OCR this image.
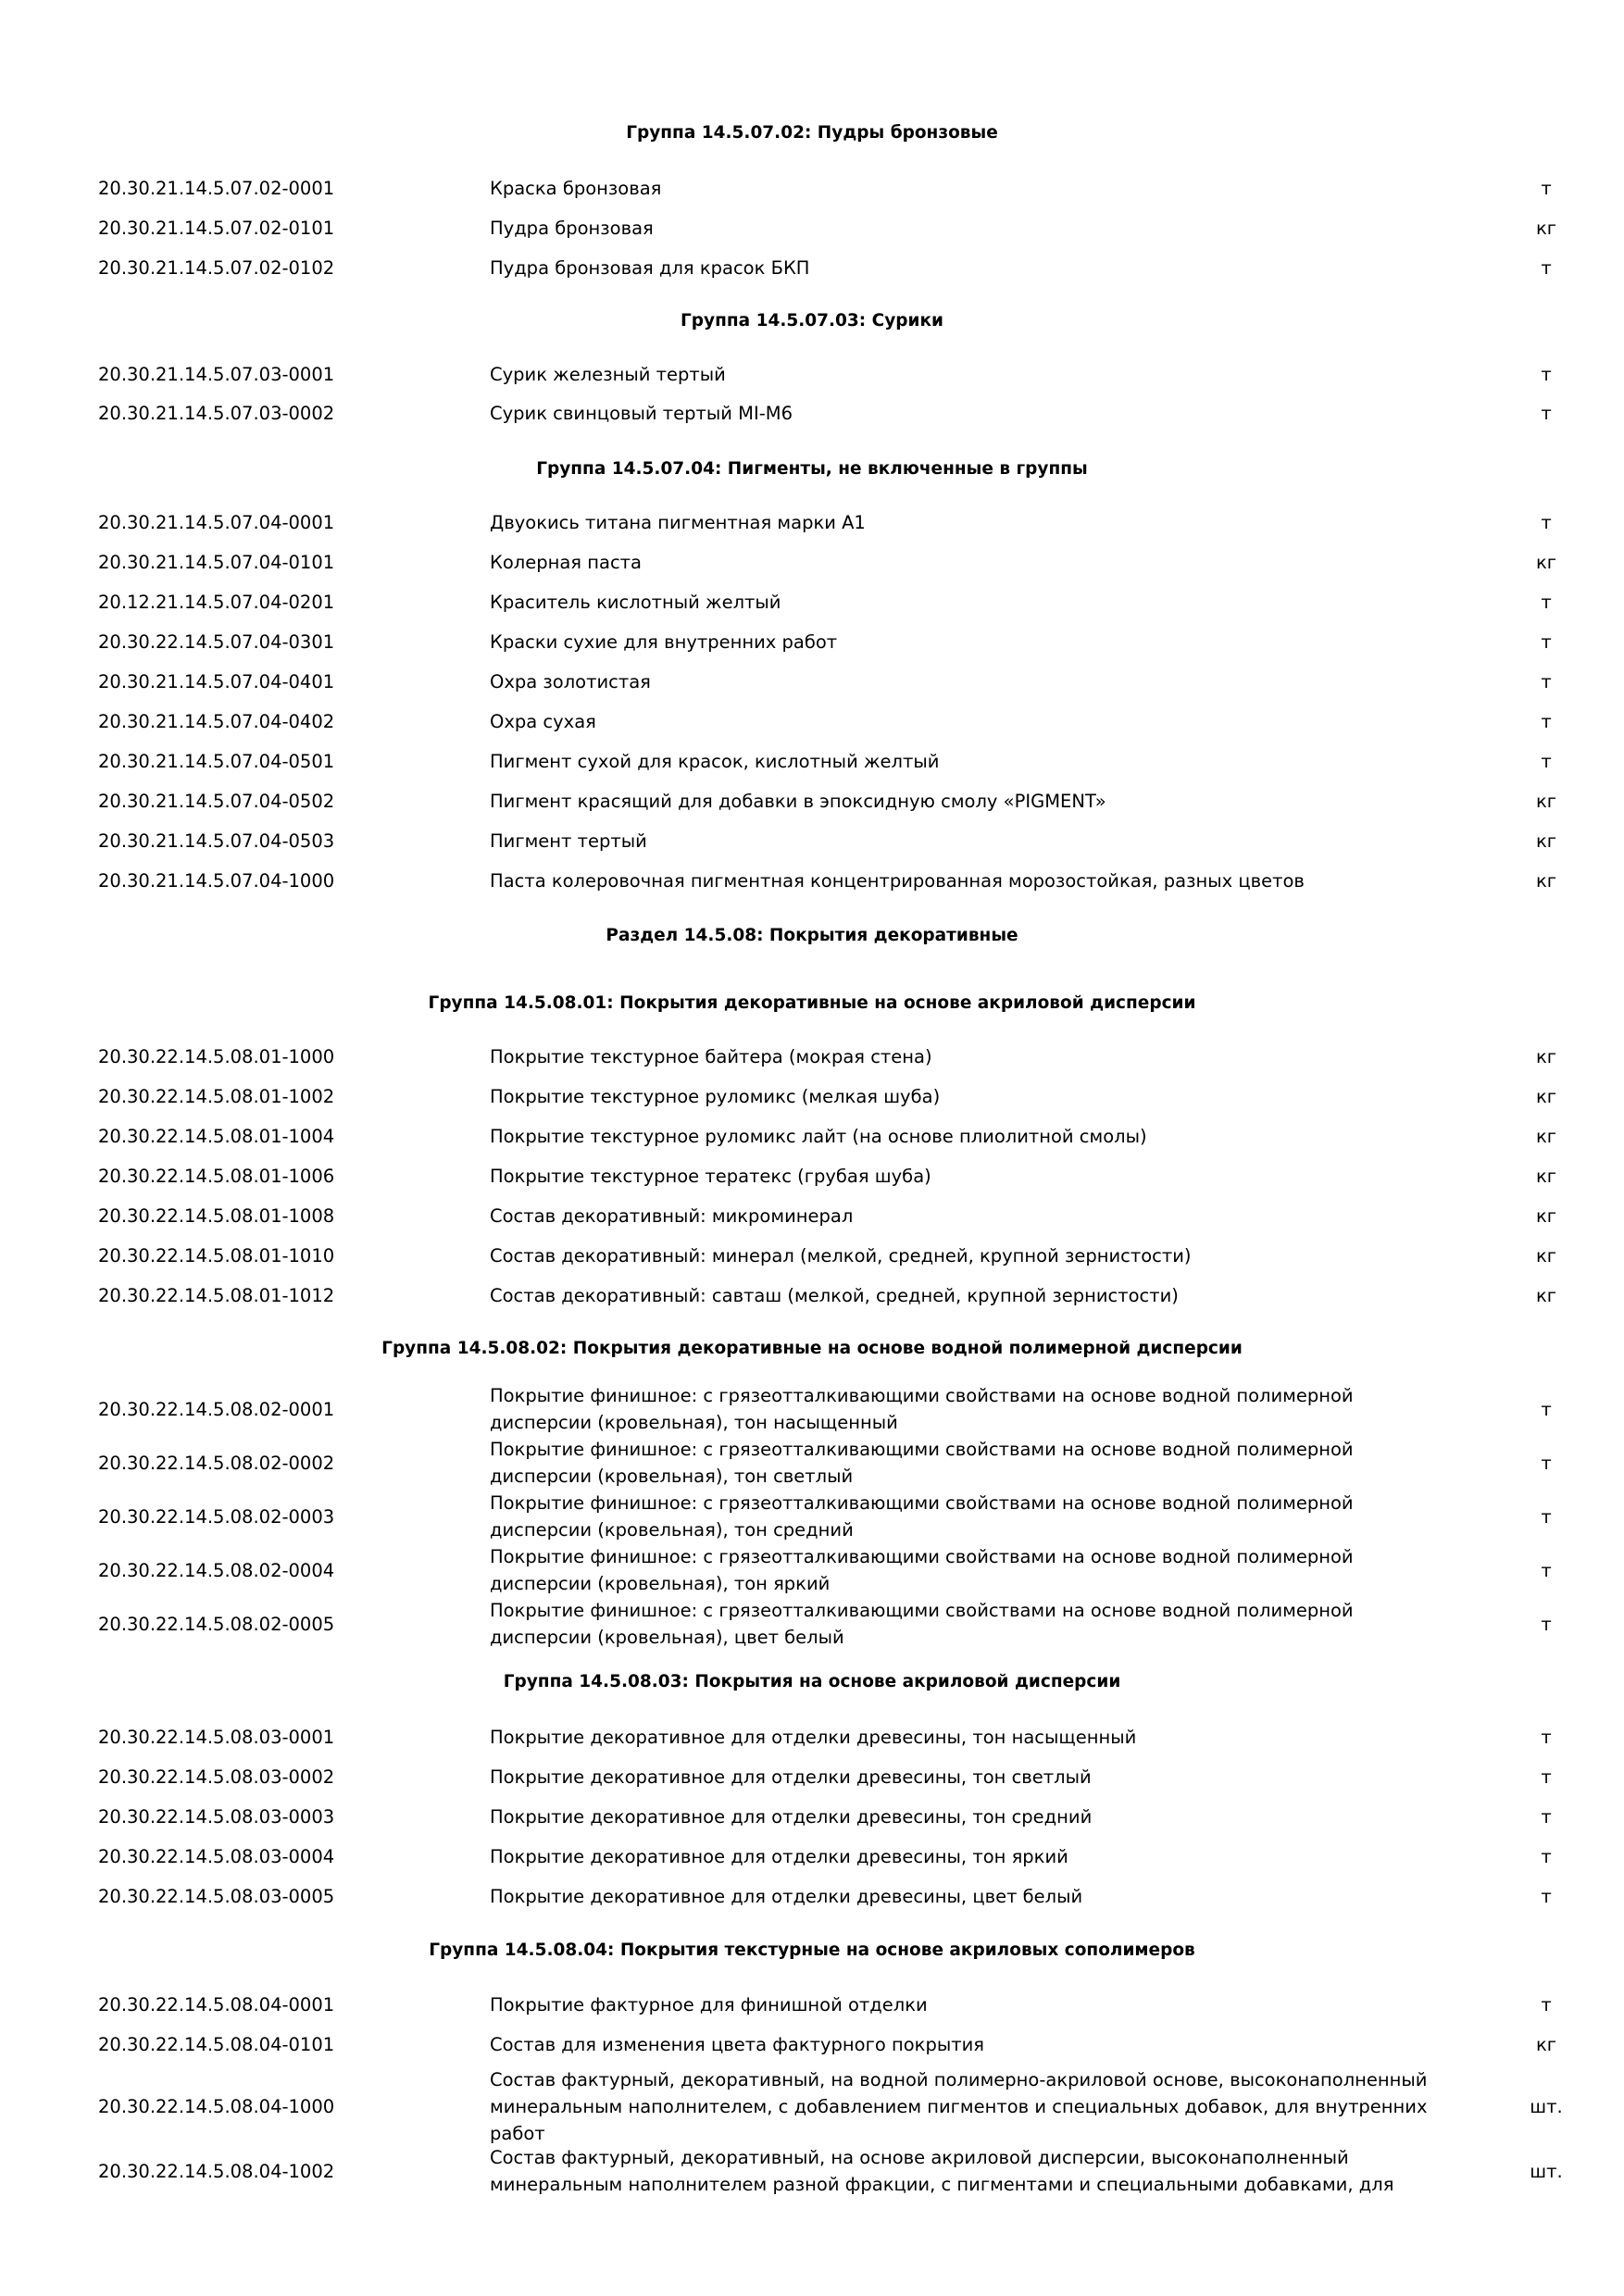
Группа 14.5.07.02: Пудры бронзовые
20.30.21.14.5.07.02-0001	Краска бронзовая	т
20.30.21.14.5.07.02-0101	Пудра бронзовая	кг
20.30.21.14.5.07.02-0102	Пудра бронзовая для красок БКП	т
Группа 14.5.07.03: Сурики
20.30.21.14.5.07.03-0001	Сурик железный тертый	т
20.30.21.14.5.07.03-0002	Сурик свинцовый тертый MI-M6	т
Группа 14.5.07.04: Пигменты, не включенные в группы
20.30.21.14.5.07.04-0001	Двуокись титана пигментная марки А1	т
20.30.21.14.5.07.04-0101	Колерная паста	кг
20.12.21.14.5.07.04-0201	Краситель кислотный желтый	т
20.30.22.14.5.07.04-0301	Краски сухие для внутренних работ	т
20.30.21.14.5.07.04-0401	Охра золотистая	т
20.30.21.14.5.07.04-0402	Охра сухая	т
20.30.21.14.5.07.04-0501	Пигмент сухой для красок, кислотный желтый	т
20.30.21.14.5.07.04-0502	Пигмент красящий для добавки в эпоксидную смолу «PIGMENT»	кг
20.30.21.14.5.07.04-0503	Пигмент тертый	кг
20.30.21.14.5.07.04-1000	Паста колеровочная пигментная концентрированная морозостойкая, разных цветов	кг
Раздел 14.5.08: Покрытия декоративные
Группа 14.5.08.01: Покрытия декоративные на основе акриловой дисперсии
20.30.22.14.5.08.01-1000	Покрытие текстурное байтера (мокрая стена)	кг
20.30.22.14.5.08.01-1002	Покрытие текстурное руломикс (мелкая шуба)	кг
20.30.22.14.5.08.01-1004	Покрытие текстурное руломикс лайт (на основе плиолитной смолы)	кг
20.30.22.14.5.08.01-1006	Покрытие текстурное тератекс (грубая шуба)	кг
20.30.22.14.5.08.01-1008	Состав декоративный: микроминерал	кг
20.30.22.14.5.08.01-1010	Состав декоративный: минерал (мелкой, средней, крупной зернистости)	кг
20.30.22.14.5.08.01-1012	Состав декоративный: савташ (мелкой, средней, крупной зернистости)	кг
Группа 14.5.08.02: Покрытия декоративные на основе водной полимерной дисперсии
20.30.22.14.5.08.02-0001
Покрытие финишное: с грязеотталкивающими свойствами на основе водной полимерной дисперсии (кровельная), тон насыщенный
т
20.30.22.14.5.08.02-0002
Покрытие финишное: с грязеотталкивающими свойствами на основе водной полимерной дисперсии (кровельная), тон светлый
т
20.30.22.14.5.08.02-0003
Покрытие финишное: с грязеотталкивающими свойствами на основе водной полимерной дисперсии (кровельная), тон средний
т
20.30.22.14.5.08.02-0004
Покрытие финишное: с грязеотталкивающими свойствами на основе водной полимерной дисперсии (кровельная), тон яркий
т
20.30.22.14.5.08.02-0005
Покрытие финишное: с грязеотталкивающими свойствами на основе водной полимерной дисперсии (кровельная), цвет белый
т
Группа 14.5.08.03: Покрытия на основе акриловой дисперсии
20.30.22.14.5.08.03-0001	Покрытие декоративное для отделки древесины, тон насыщенный	т
20.30.22.14.5.08.03-0002	Покрытие декоративное для отделки древесины, тон светлый	т
20.30.22.14.5.08.03-0003	Покрытие декоративное для отделки древесины, тон средний	т
20.30.22.14.5.08.03-0004	Покрытие декоративное для отделки древесины, тон яркий	т
20.30.22.14.5.08.03-0005	Покрытие декоративное для отделки древесины, цвет белый	т
Группа 14.5.08.04: Покрытия текстурные на основе акриловых сополимеров
20.30.22.14.5.08.04-0001	Покрытие фактурное для финишной отделки	т
20.30.22.14.5.08.04-0101	Состав для изменения цвета фактурного покрытия	кг
20.30.22.14.5.08.04-1000
Состав фактурный, декоративный, на водной полимерно-акриловой основе, высоконаполненный минеральным наполнителем, с добавлением пигментов и специальных добавок, для внутренних работ
шт.
20.30.22.14.5.08.04-1002
Состав фактурный, декоративный, на основе акриловой дисперсии, высоконаполненный минеральным наполнителем разной фракции, с пигментами и специальными добавками, для
шт.
